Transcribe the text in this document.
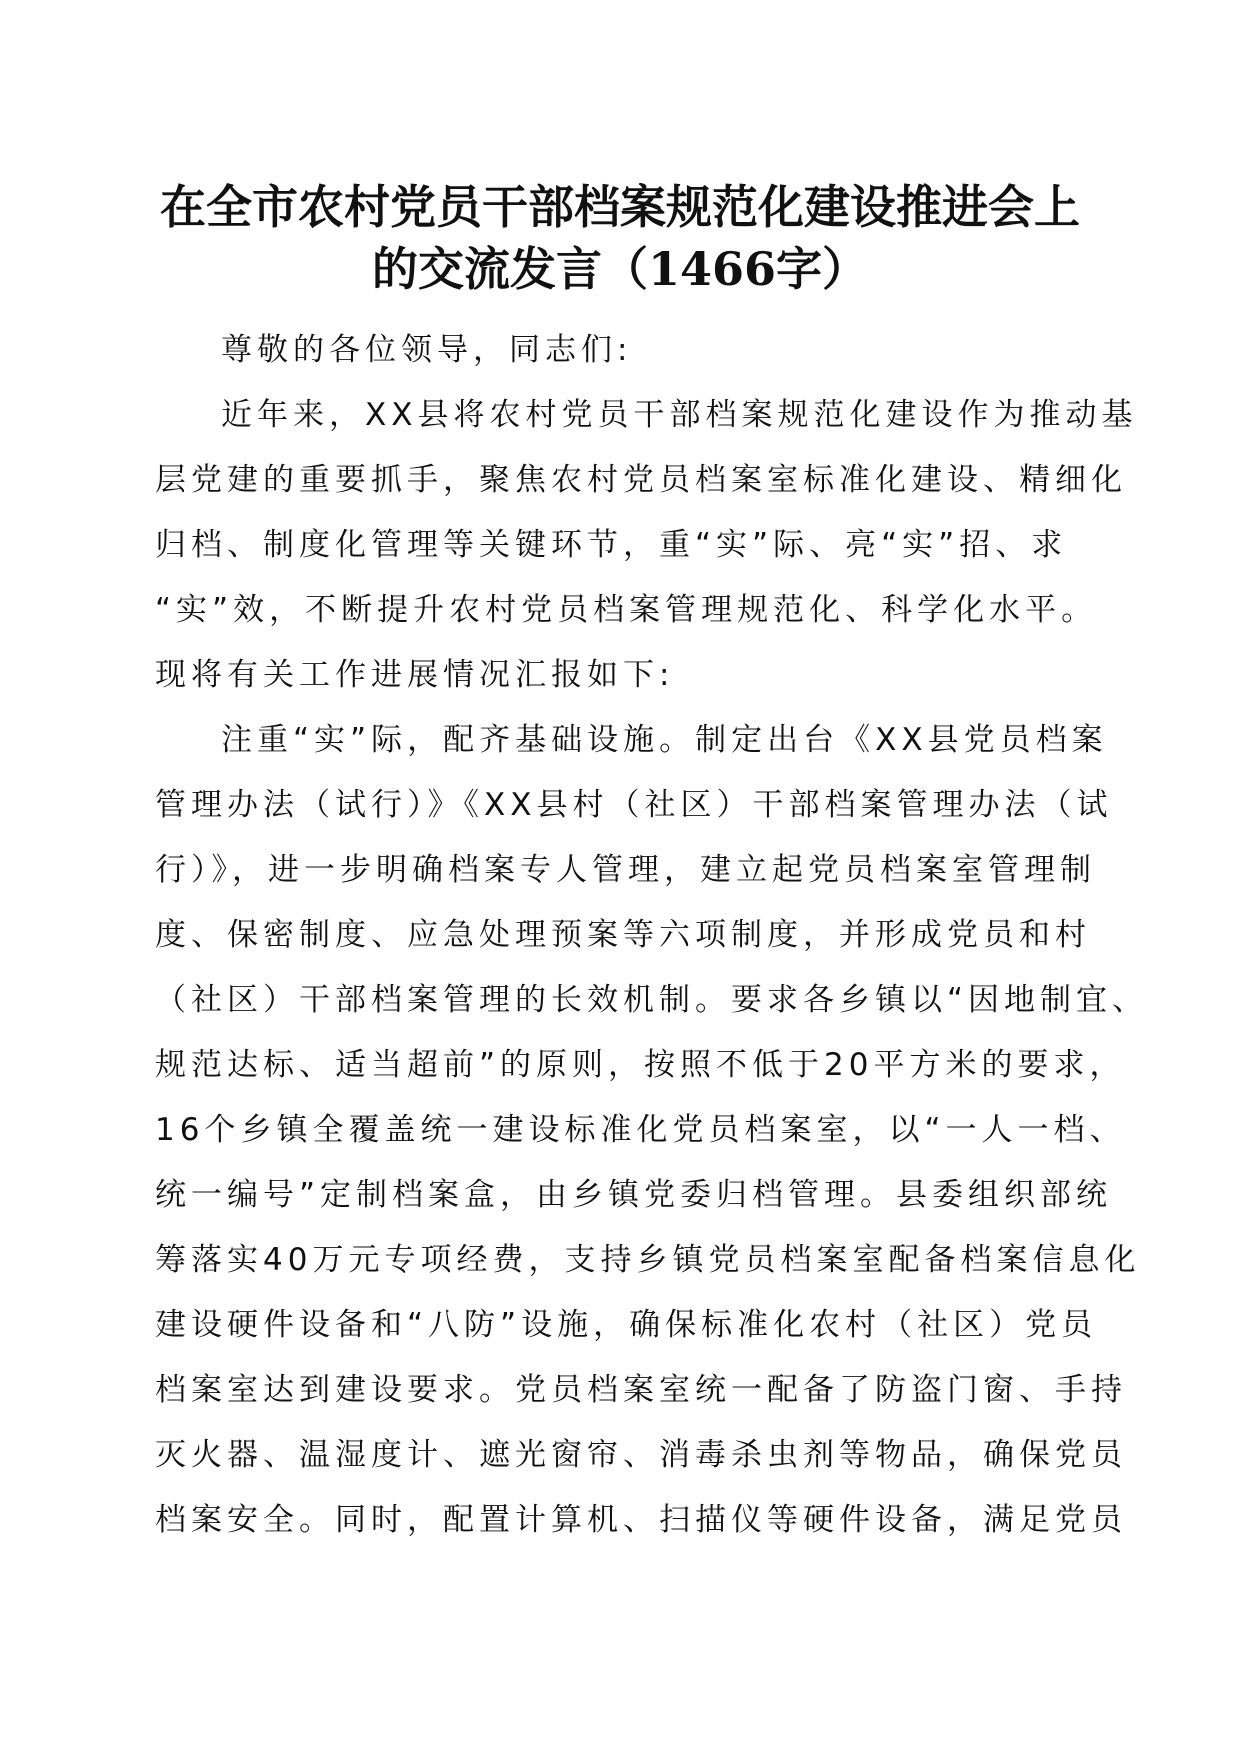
在全市农村党员干部档案规范化建设推进会上
的交流发言（1466字）
尊敬的各位领导，同志们:
近年来，XX县将农村党员干部档案规范化建设作为推动基
层党建的重要抓手，聚焦农村党员档案室标准化建设、精细化
归档、制度化管理等关键环节，重“实”际、亮“实”招、求
“实”效，不断提升农村党员档案管理规范化、科学化水平。
现将有关工作进展情况汇报如下:
注重“实”际，配齐基础设施。制定出台《XX县党员档案
管理办法（试行）》《XX县村（社区）干部档案管理办法（试
行）》，进一步明确档案专人管理，建立起党员档案室管理制
度、保密制度、应急处理预案等六项制度，并形成党员和村
（社区）干部档案管理的长效机制。要求各乡镇以“因地制宜、
规范达标、适当超前”的原则，按照不低于20平方米的要求，
16个乡镇全覆盖统一建设标准化党员档案室，以“一人一档、
统一编号”定制档案盒，由乡镇党委归档管理。县委组织部统
筹落实40万元专项经费，支持乡镇党员档案室配备档案信息化
建设硬件设备和“八防”设施，确保标准化农村（社区）党员
档案室达到建设要求。党员档案室统一配备了防盗门窗、手持
灭火器、温湿度计、遮光窗帘、消毒杀虫剂等物品，确保党员
档案安全。同时，配置计算机、扫描仪等硬件设备，满足党员
